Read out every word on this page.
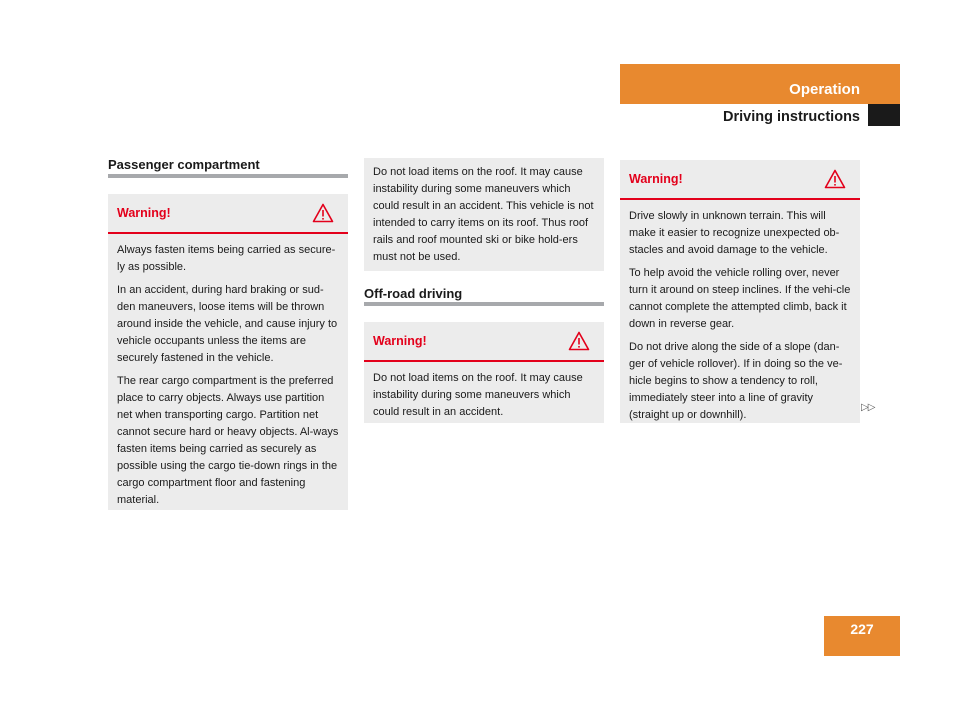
Operation
Driving instructions
Passenger compartment
Warning!

Always fasten items being carried as secure-ly as possible.

In an accident, during hard braking or sud-den maneuvers, loose items will be thrown around inside the vehicle, and cause injury to vehicle occupants unless the items are securely fastened in the vehicle.

The rear cargo compartment is the preferred place to carry objects. Always use partition net when transporting cargo. Partition net cannot secure hard or heavy objects. Al-ways fasten items being carried as securely as possible using the cargo tie-down rings in the cargo compartment floor and fastening material.

Do not load items on the roof. It may cause instability during some maneuvers which could result in an accident. This vehicle is not intended to carry items on its roof. Thus roof rails and roof mounted ski or bike hold-ers must not be used.

Off-road driving
Warning!

Do not load items on the roof. It may cause instability during some maneuvers which could result in an accident.

Warning!

Drive slowly in unknown terrain. This will make it easier to recognize unexpected ob-stacles and avoid damage to the vehicle.

To help avoid the vehicle rolling over, never turn it around on steep inclines. If the vehi-cle cannot complete the attempted climb, back it down in reverse gear.

Do not drive along the side of a slope (dan-ger of vehicle rollover). If in doing so the ve-hicle begins to show a tendency to roll, immediately steer into a line of gravity (straight up or downhill).

▷▷
227
